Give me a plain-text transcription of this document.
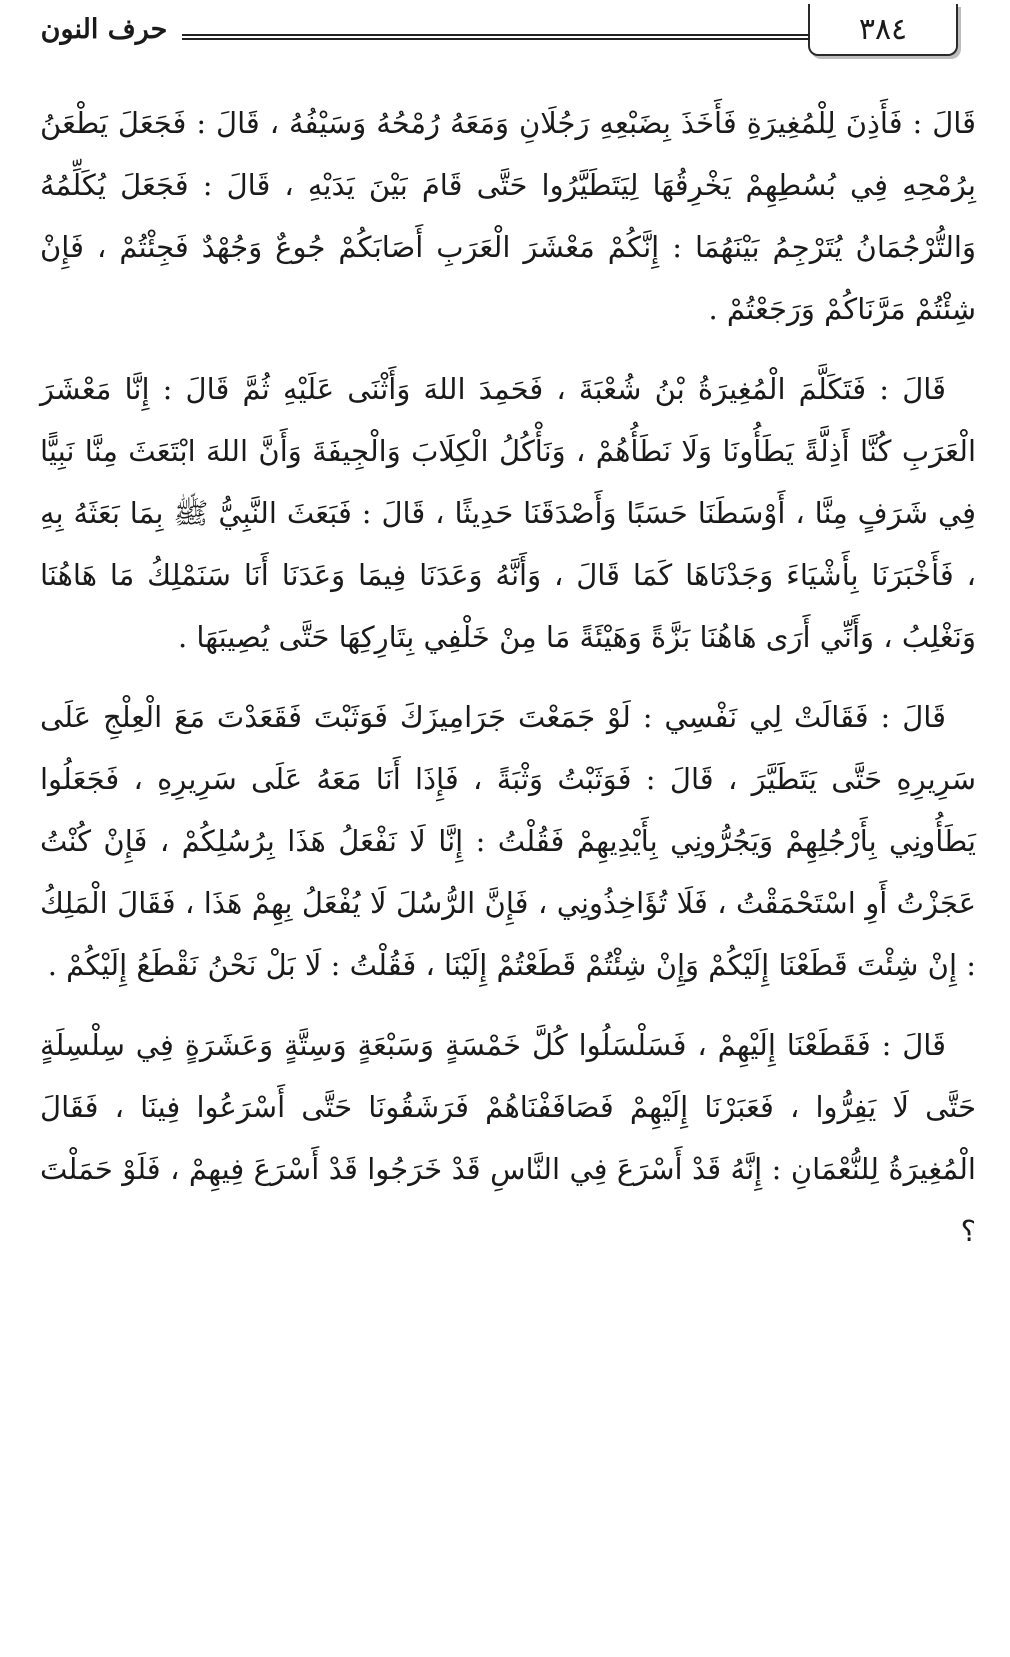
٣٨٤
حرف النون

قَالَ : فَأَذِنَ لِلْمُغِيرَةِ فَأَخَذَ بِضَبْعِهِ رَجُلَانِ وَمَعَهُ رُمْحُهُ وَسَيْفُهُ ، قَالَ : فَجَعَلَ يَطْعَنُ بِرُمْحِهِ فِي بُسُطِهِمْ يَخْرِقُهَا لِيَتَطَيَّرُوا حَتَّى قَامَ بَيْنَ يَدَيْهِ ، قَالَ : فَجَعَلَ يُكَلِّمُهُ وَالتُّرْجُمَانُ يُتَرْجِمُ بَيْنَهُمَا : إِنَّكُمْ مَعْشَرَ الْعَرَبِ أَصَابَكُمْ جُوعٌ وَجُهْدٌ فَجِئْتُمْ ، فَإِنْ شِئْتُمْ مَرَّنَاكُمْ وَرَجَعْتُمْ .

قَالَ : فَتَكَلَّمَ الْمُغِيرَةُ بْنُ شُعْبَةَ ، فَحَمِدَ اللهَ وَأَثْنَى عَلَيْهِ ثُمَّ قَالَ : إِنَّا مَعْشَرَ الْعَرَبِ كُنَّا أَذِلَّةً يَطَأُونَا وَلَا نَطَأُهُمْ ، وَنَأْكُلُ الْكِلَابَ وَالْجِيفَةَ وَأَنَّ اللهَ ابْتَعَثَ مِنَّا نَبِيًّا فِي شَرَفٍ مِنَّا ، أَوْسَطَنَا حَسَبًا وَأَصْدَقَنَا حَدِيثًا ، قَالَ : فَبَعَثَ النَّبِيُّ ﷺ بِمَا بَعَثَهُ بِهِ ، فَأَخْبَرَنَا بِأَشْيَاءَ وَجَدْنَاهَا كَمَا قَالَ ، وَأَنَّهُ وَعَدَنَا فِيمَا وَعَدَنَا أَنَا سَنَمْلِكُ مَا هَاهُنَا وَنَغْلِبُ ، وَأَنِّي أَرَى هَاهُنَا بَزَّةً وَهَيْئَةً مَا مِنْ خَلْفِي بِتَارِكِهَا حَتَّى يُصِيبَهَا .

قَالَ : فَقَالَتْ لِي نَفْسِي : لَوْ جَمَعْتَ جَرَامِيزَكَ فَوَثَبْتَ فَقَعَدْتَ مَعَ الْعِلْجِ عَلَى سَرِيرِهِ حَتَّى يَتَطَيَّرَ ، قَالَ : فَوَثَبْتُ وَثْبَةً ، فَإِذَا أَنَا مَعَهُ عَلَى سَرِيرِهِ ، فَجَعَلُوا يَطَأُونِي بِأَرْجُلِهِمْ وَيَجُرُّونِي بِأَيْدِيهِمْ فَقُلْتُ : إِنَّا لَا نَفْعَلُ هَذَا بِرُسُلِكُمْ ، فَإِنْ كُنْتُ عَجَزْتُ أَوِ اسْتَحْمَقْتُ ، فَلَا تُؤَاخِذُونِي ، فَإِنَّ الرُّسُلَ لَا يُفْعَلُ بِهِمْ هَذَا ، فَقَالَ الْمَلِكُ : إِنْ شِئْتَ قَطَعْنَا إِلَيْكُمْ وَإِنْ شِئْتُمْ قَطَعْتُمْ إِلَيْنَا ، فَقُلْتُ : لَا بَلْ نَحْنُ نَقْطَعُ إِلَيْكُمْ .

قَالَ : فَقَطَعْنَا إِلَيْهِمْ ، فَسَلْسَلُوا كُلَّ خَمْسَةٍ وَسَبْعَةٍ وَسِتَّةٍ وَعَشَرَةٍ فِي سِلْسِلَةٍ حَتَّى لَا يَفِرُّوا ، فَعَبَرْنَا إِلَيْهِمْ فَصَافَفْنَاهُمْ فَرَشَقُونَا حَتَّى أَسْرَعُوا فِينَا ، فَقَالَ الْمُغِيرَةُ لِلنُّعْمَانِ : إِنَّهُ قَدْ أَسْرَعَ فِي النَّاسِ قَدْ خَرَجُوا قَدْ أَسْرَعَ فِيهِمْ ، فَلَوْ حَمَلْتَ ؟
